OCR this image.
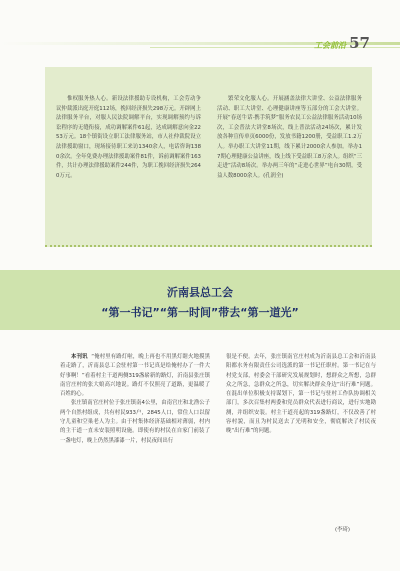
工会前沿 57

惟权服务热人心。新设法律援助专设机构，工会劳动争议仲裁派出庭开庭112场，挽回经济损失298万元。开辟网上法律服务平台，对服人民法院调解平台，实现调解预约与诉讼程序的无缝衔接，成功调解案件61起，达成调解意向金2253万元。18个镇街设立职工法律服务站，市人社仲裁院设立法律援助窗口，现场接待职工来访1340余人，电话咨询1380余次。全年免费办理法律援助案件81件，诉前调解案件163件，共计办理法律援助案件244件，为职工挽回经济损失2640万元。

繁荣文化服人心。开展涵盖法律大讲堂、公益法律服务活动、职工大讲堂、心理健康讲座等五部分的工会大讲堂。开展“春送牛话·携手筑梦”服务农民工公益法律服务活动10场次，工会普法大讲堂8场次，线上普法活动24场次，累计发放各种宣传单页6000份，发放书籍1200册，受益职工1.2万人。举办职工大讲堂11期，线下累计2000余人参加。举办17期心理健康公益讲座，线上线下受益职工8万余人。组织“三走进”活动8场次。举办两三年的“走进心世界”电台30期，受益人数8000余人。(孔润全)

沂南县总工会
“第一书记”“第一时间”带去“第一道光”

本刊讯 “俺村里有路灯啦，晚上再也不用黑灯瞎火地摸黑着走路了，沂南县总工会驻村第一书记真是给俺村办了一件大好事啊！”看着村主干道两侧319盏崭新的路灯，沂南县张庄镇南官庄村的张大娘高兴地说。路灯不仅照亮了道路，更温暖了百姓的心。

张庄镇南官庄村位于张庄镇南4公里，由南官庄和北渔公子两个自然村组成，共有村民933户，2845人口，常住人口以留守儿童和空巢老人为主。由于村集体经济基础相对薄弱，村内的主干道一直未安装照明设施。即使有的村民在自家门前装了一盏电灯，晚上仍然黑漆漆一片，村民夜间出行

很是不便。去年，张庄镇南官庄村成为沂南县总工会和沂南县阳都水务有限责任公司选派的第一书记任职村。第一书记在与村党支部，村委会干部研究发展规划时，想群众之所想，急群众之所急，急群众之所急，切实解决群众身边“出行难”问题。在混出单位积极支持谋划下，第一书记与驻村工作队协调相关部门，多次召集村两委和党员群众代表进行商议，进行实地勘测，并组织安装。村主干道亮起的319盏路灯，不仅改善了村容村貌，而且为村民送去了光明和安全，彻底解决了村民夜晚“出行难”的问题。

(李琦)
